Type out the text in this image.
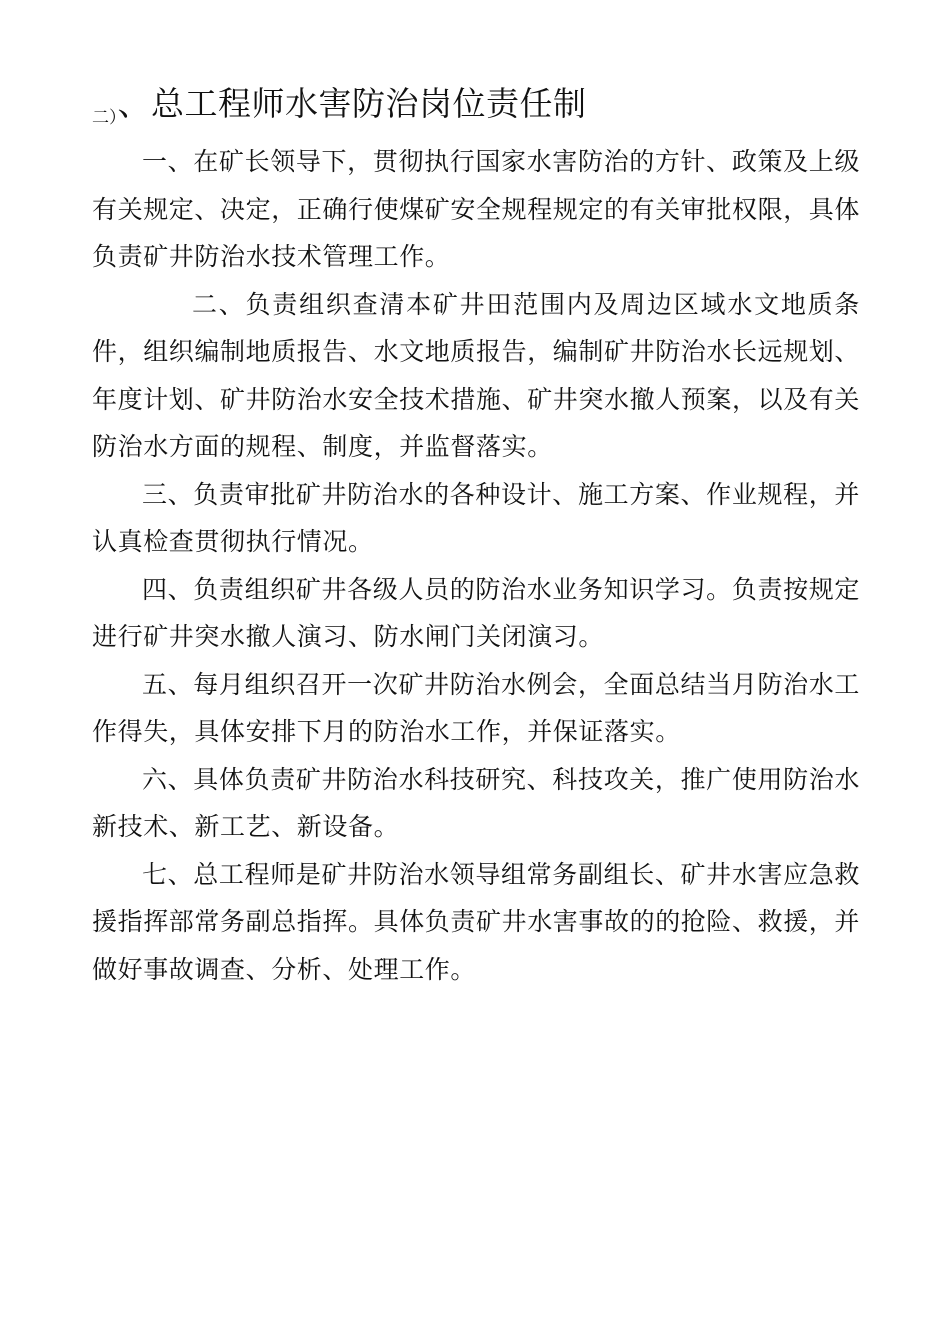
二）、总工程师水害防治岗位责任制

一、在矿长领导下，贯彻执行国家水害防治的方针、政策及上级有关规定、决定，正确行使煤矿安全规程规定的有关审批权限，具体负责矿井防治水技术管理工作。

二、负责组织查清本矿井田范围内及周边区域水文地质条件，组织编制地质报告、水文地质报告，编制矿井防治水长远规划、年度计划、矿井防治水安全技术措施、矿井突水撤人预案，以及有关防治水方面的规程、制度，并监督落实。

三、负责审批矿井防治水的各种设计、施工方案、作业规程，并认真检查贯彻执行情况。

四、负责组织矿井各级人员的防治水业务知识学习。负责按规定进行矿井突水撤人演习、防水闸门关闭演习。

五、每月组织召开一次矿井防治水例会，全面总结当月防治水工作得失，具体安排下月的防治水工作，并保证落实。

六、具体负责矿井防治水科技研究、科技攻关，推广使用防治水新技术、新工艺、新设备。

七、总工程师是矿井防治水领导组常务副组长、矿井水害应急救援指挥部常务副总指挥。具体负责矿井水害事故的的抢险、救援，并做好事故调查、分析、处理工作。
